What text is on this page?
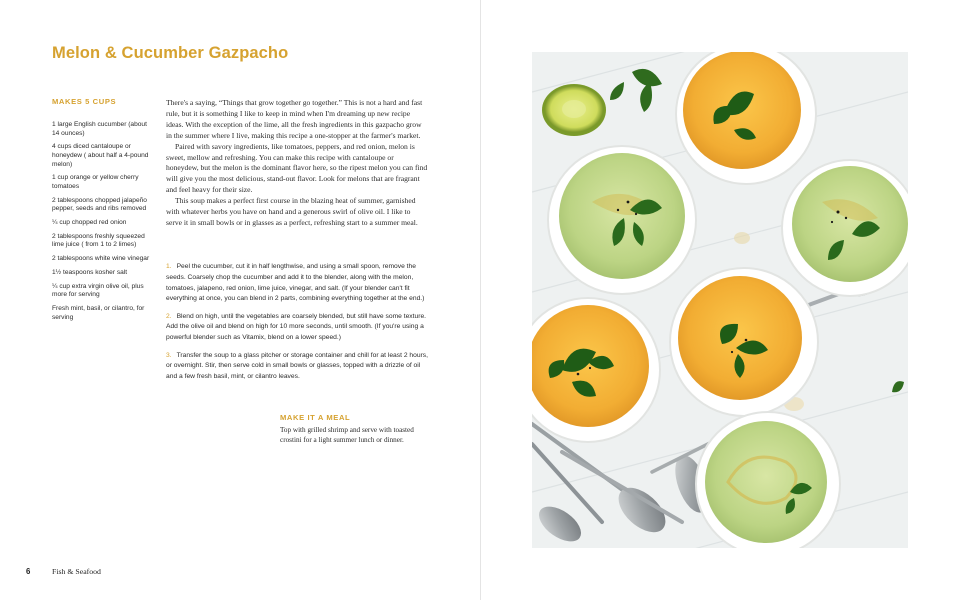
Melon & Cucumber Gazpacho
MAKES 5 CUPS
1 large English cucumber (about 14 ounces)
4 cups diced cantaloupe or honeydew ( about half a 4-pound melon)
1 cup orange or yellow cherry tomatoes
2 tablespoons chopped jalapeño pepper, seeds and ribs removed
¼ cup chopped red onion
2 tablespoons freshly squeezed lime juice ( from 1 to 2 limes)
2 tablespoons white wine vinegar
1½ teaspoons kosher salt
¼ cup extra virgin olive oil, plus more for serving
Fresh mint, basil, or cilantro, for serving

There's a saying, “Things that grow together go together.” This is not a hard and fast rule, but it is something I like to keep in mind when I'm dreaming up new recipe ideas. With the exception of the lime, all the fresh ingredients in this gazpacho grow in the summer where I live, making this recipe a one-stopper at the farmer's market.

Paired with savory ingredients, like tomatoes, peppers, and red onion, melon is sweet, mellow and refreshing. You can make this recipe with cantaloupe or honeydew, but the melon is the dominant flavor here, so the ripest melon you can find will give you the most delicious, stand-out flavor. Look for melons that are fragrant and feel heavy for their size.

This soup makes a perfect first course in the blazing heat of summer, garnished with whatever herbs you have on hand and a generous swirl of olive oil. I like to serve it in small bowls or in glasses as a perfect, refreshing start to a summer meal.

1. Peel the cucumber, cut it in half lengthwise, and using a small spoon, remove the seeds. Coarsely chop the cucumber and add it to the blender, along with the melon, tomatoes, jalapeno, red onion, lime juice, vinegar, and salt. (If your blender can't fit everything at once, you can blend in 2 parts, combining everything together at the end.)
2. Blend on high, until the vegetables are coarsely blended, but still have some texture. Add the olive oil and blend on high for 10 more seconds, until smooth. (If you're using a powerful blender such as Vitamix, blend on a lower speed.)
3. Transfer the soup to a glass pitcher or storage container and chill for at least 2 hours, or overnight. Stir, then serve cold in small bowls or glasses, topped with a drizzle of oil and a few fresh basil, mint, or cilantro leaves.
MAKE IT A MEAL
Top with grilled shrimp and serve with toasted crostini for a light summer lunch or dinner.
6	Fish & Seafood
